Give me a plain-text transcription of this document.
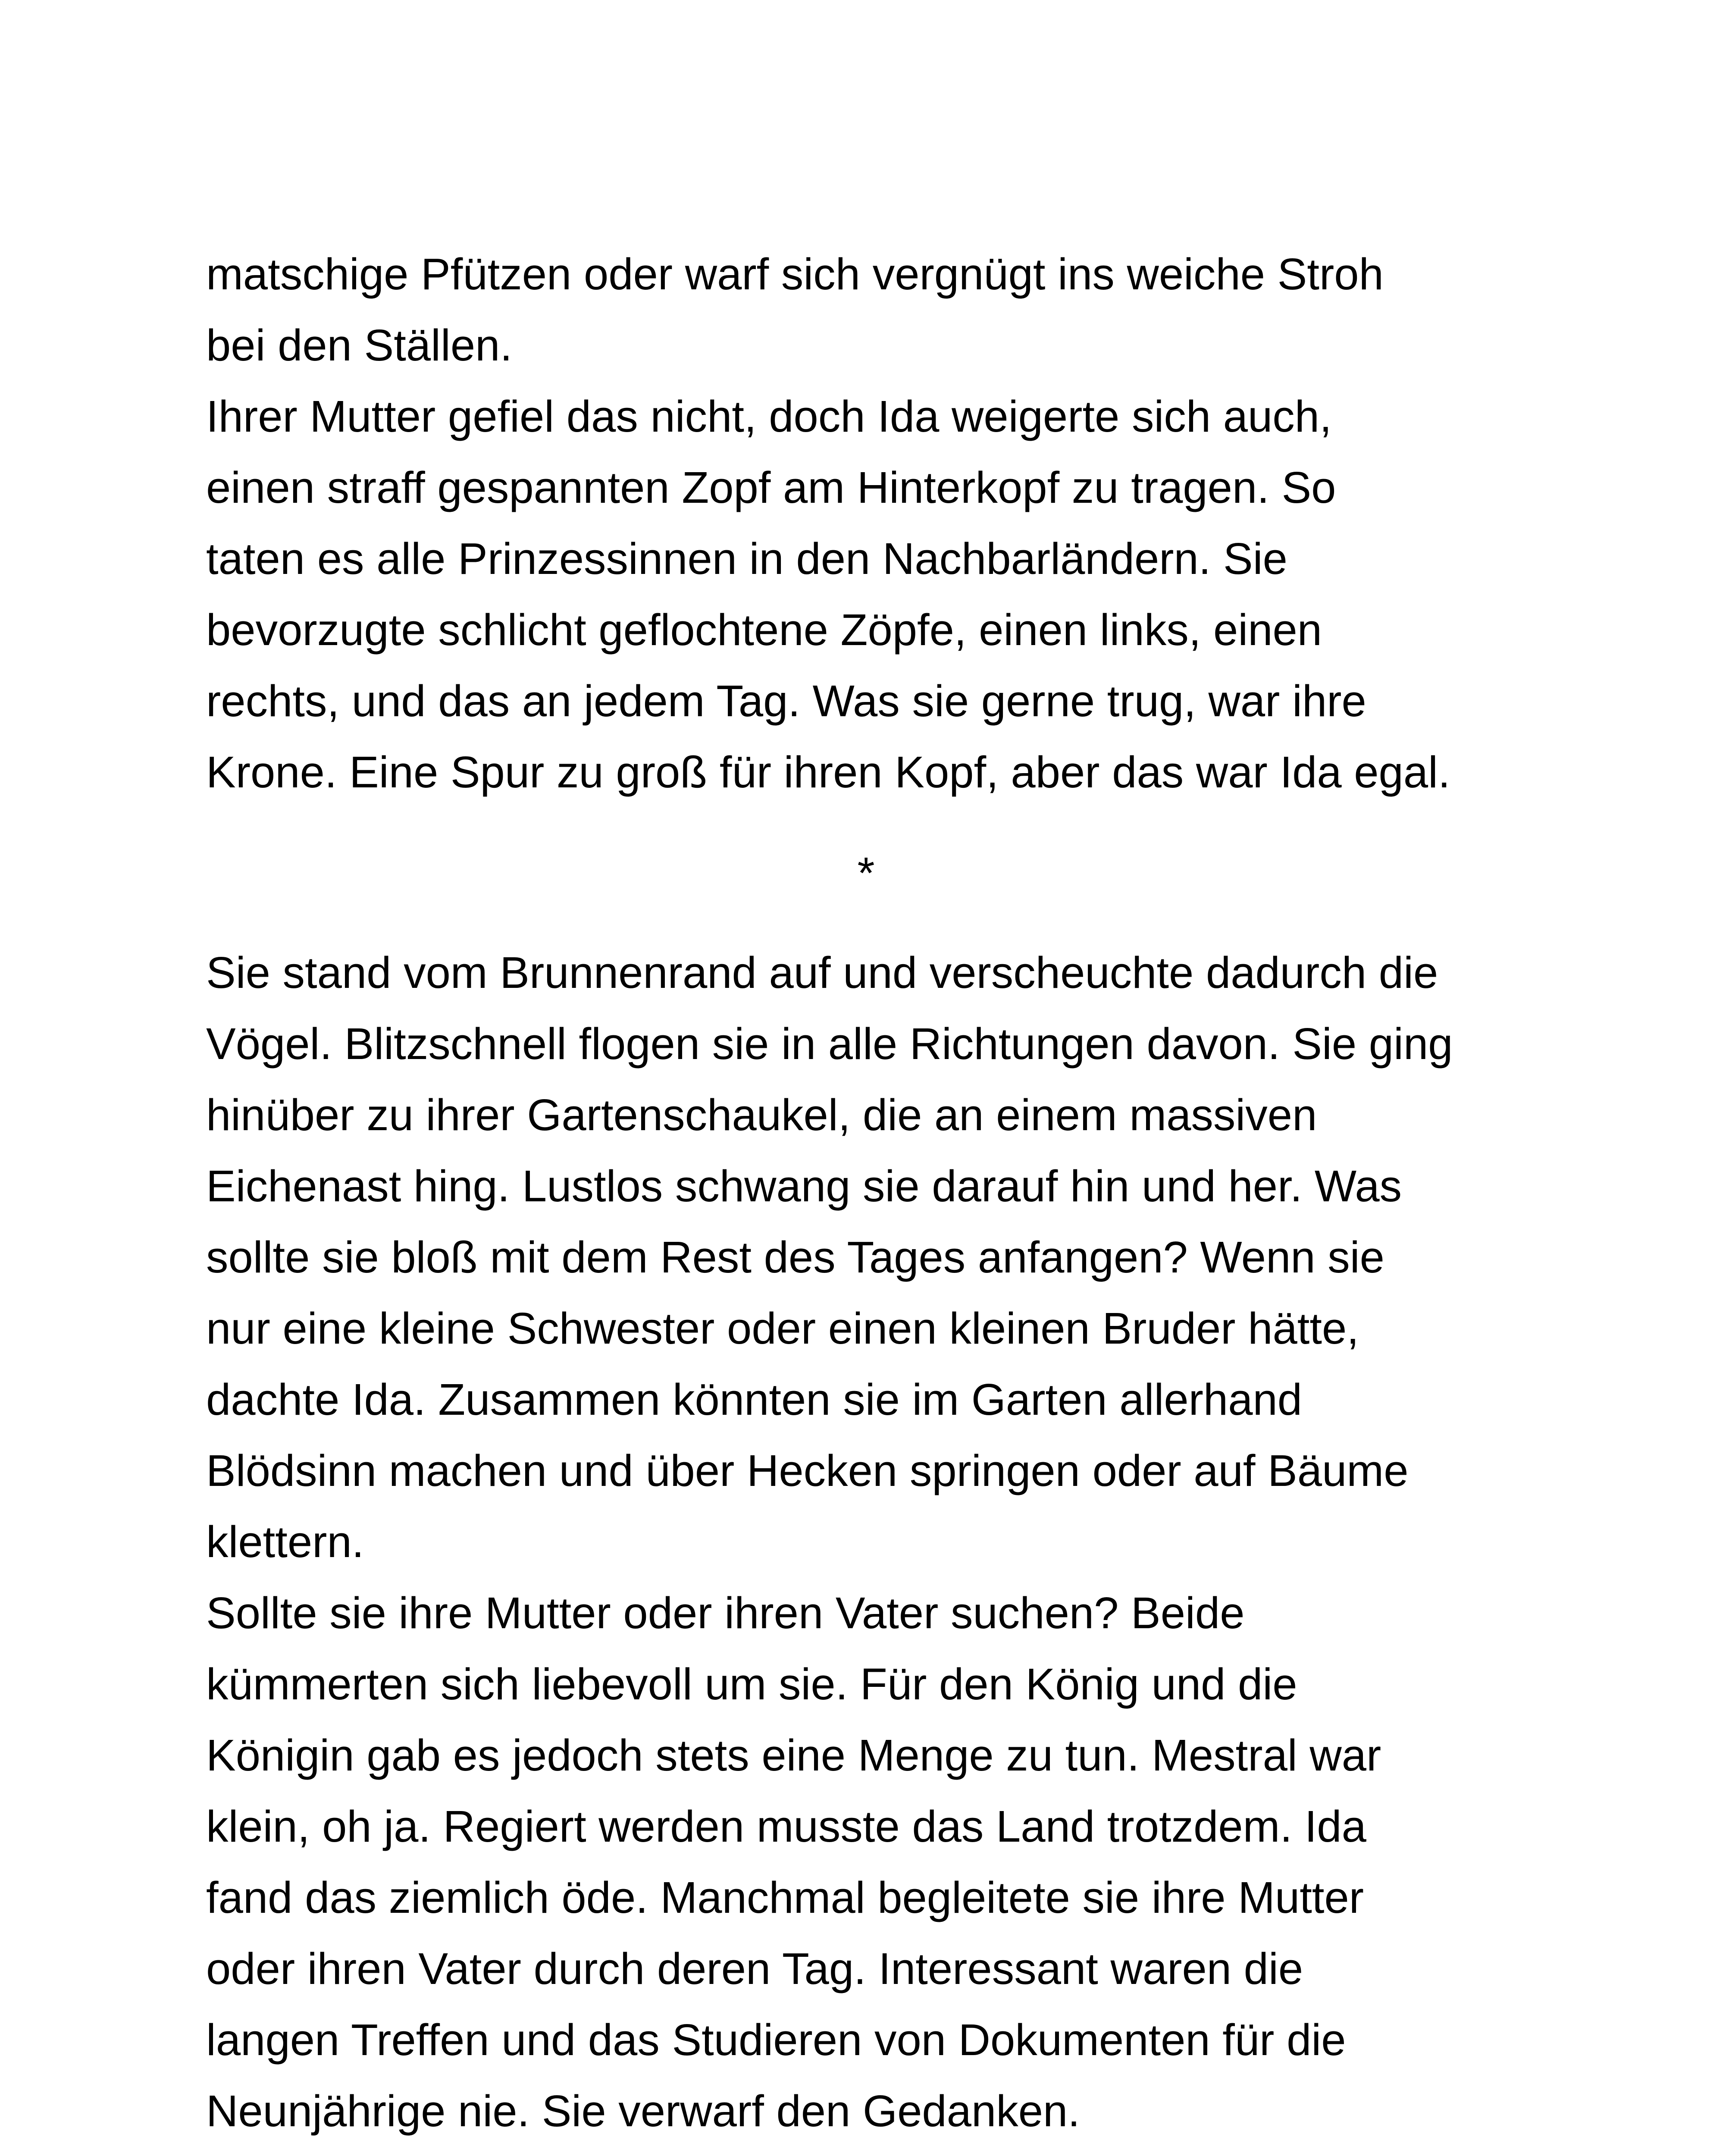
matschige Pfützen oder warf sich vergnügt ins weiche Stroh
bei den Ställen.
Ihrer Mutter gefiel das nicht, doch Ida weigerte sich auch,
einen straff gespannten Zopf am Hinterkopf zu tragen. So
taten es alle Prinzessinnen in den Nachbarländern. Sie
bevorzugte schlicht geflochtene Zöpfe, einen links, einen
rechts, und das an jedem Tag. Was sie gerne trug, war ihre
Krone. Eine Spur zu groß für ihren Kopf, aber das war Ida egal.
*
Sie stand vom Brunnenrand auf und verscheuchte dadurch die
Vögel. Blitzschnell flogen sie in alle Richtungen davon. Sie ging
hinüber zu ihrer Gartenschaukel, die an einem massiven
Eichenast hing. Lustlos schwang sie darauf hin und her. Was
sollte sie bloß mit dem Rest des Tages anfangen? Wenn sie
nur eine kleine Schwester oder einen kleinen Bruder hätte,
dachte Ida. Zusammen könnten sie im Garten allerhand
Blödsinn machen und über Hecken springen oder auf Bäume
klettern.
Sollte sie ihre Mutter oder ihren Vater suchen? Beide
kümmerten sich liebevoll um sie. Für den König und die
Königin gab es jedoch stets eine Menge zu tun. Mestral war
klein, oh ja. Regiert werden musste das Land trotzdem. Ida
fand das ziemlich öde. Manchmal begleitete sie ihre Mutter
oder ihren Vater durch deren Tag. Interessant waren die
langen Treffen und das Studieren von Dokumenten für die
Neunjährige nie. Sie verwarf den Gedanken.
